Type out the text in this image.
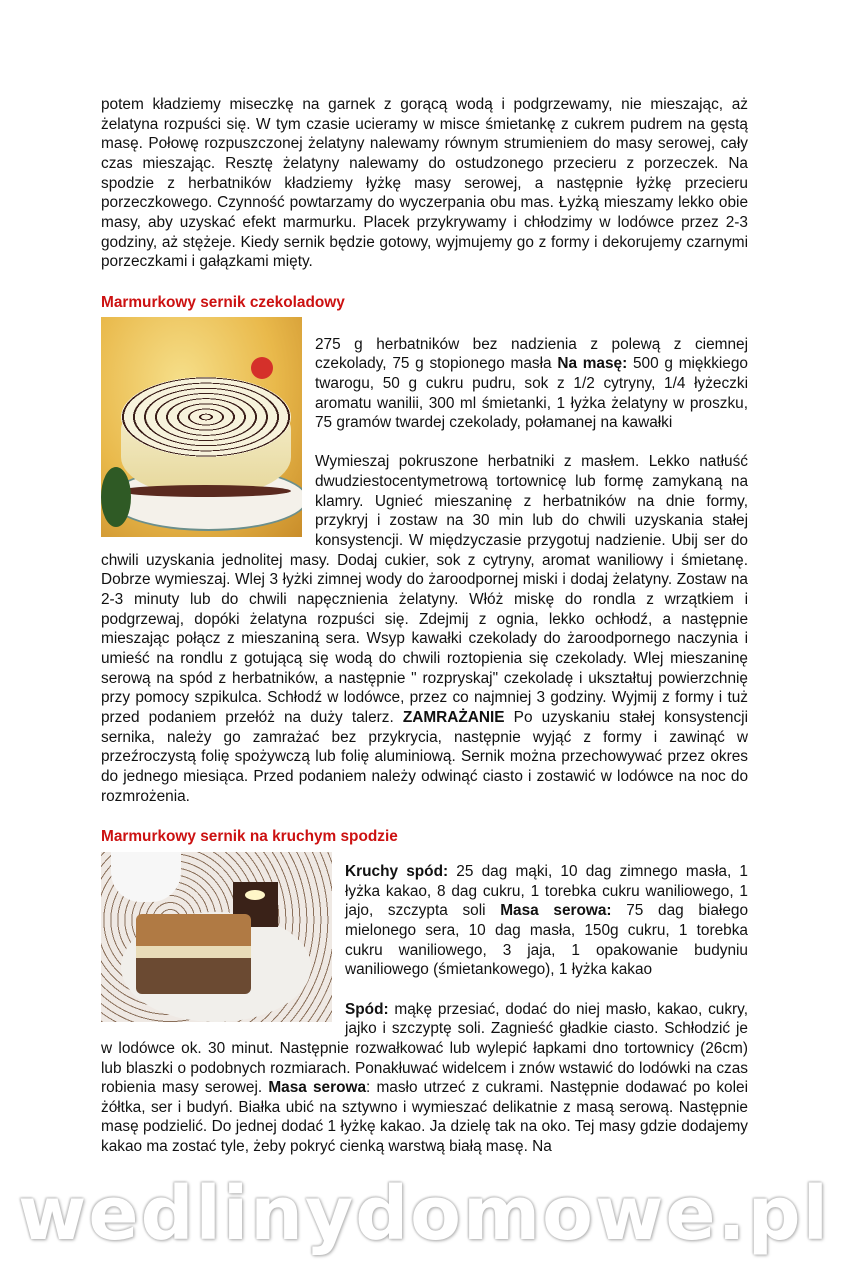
potem kładziemy miseczkę na garnek z gorącą wodą i podgrzewamy, nie mieszając, aż żelatyna rozpuści się. W tym czasie ucieramy w misce śmietankę z cukrem pudrem na gęstą masę. Połowę rozpuszczonej żelatyny nalewamy równym strumieniem do masy serowej, cały czas mieszając. Resztę żelatyny nalewamy do ostudzonego przecieru z porzeczek. Na spodzie z herbatników kładziemy łyżkę masy serowej, a następnie łyżkę przecieru porzeczkowego. Czynność powtarzamy do wyczerpania obu mas. Łyżką mieszamy lekko obie masy, aby uzyskać efekt marmurku. Placek przykrywamy i chłodzimy w lodówce przez 2-3 godziny, aż stężeje. Kiedy sernik będzie gotowy, wyjmujemy go z formy i dekorujemy czarnymi porzeczkami i gałązkami mięty.

Marmurkowy sernik czekoladowy

275 g herbatników bez nadzienia z polewą z ciemnej czekolady, 75 g stopionego masła Na masę: 500 g miękkiego twarogu, 50 g cukru pudru, sok z 1/2 cytryny, 1/4 łyżeczki aromatu wanilii, 300 ml śmietanki, 1 łyżka żelatyny w proszku, 75 gramów twardej czekolady, połamanej na kawałki

Wymieszaj pokruszone herbatniki z masłem. Lekko natłuść dwudziestocentymetrową tortownicę lub formę zamykaną na klamry. Ugnieć mieszaninę z herbatników na dnie formy, przykryj i zostaw na 30 min lub do chwili uzyskania stałej konsystencji. W międzyczasie przygotuj nadzienie. Ubij ser do chwili uzyskania jednolitej masy. Dodaj cukier, sok z cytryny, aromat waniliowy i śmietanę. Dobrze wymieszaj. Wlej 3 łyżki zimnej wody do żaroodpornej miski i dodaj żelatyny. Zostaw na 2-3 minuty lub do chwili napęcznienia żelatyny. Włóż miskę do rondla z wrzątkiem i podgrzewaj, dopóki żelatyna rozpuści się. Zdejmij z ognia, lekko ochłodź, a następnie mieszając połącz z mieszaniną sera. Wsyp kawałki czekolady do żaroodpornego naczynia i umieść na rondlu z gotującą się wodą do chwili roztopienia się czekolady. Wlej mieszaninę serową na spód z herbatników, a następnie " rozpryskaj" czekoladę i ukształtuj powierzchnię przy pomocy szpikulca. Schłodź w lodówce, przez co najmniej 3 godziny. Wyjmij z formy i tuż przed podaniem przełóż na duży talerz. ZAMRAŻANIE Po uzyskaniu stałej konsystencji sernika, należy go zamrażać bez przykrycia, następnie wyjąć z formy i zawinąć w przeźroczystą folię spożywczą lub folię aluminiową. Sernik można przechowywać przez okres do jednego miesiąca. Przed podaniem należy odwinąć ciasto i zostawić w lodówce na noc do rozmrożenia.

Marmurkowy sernik na kruchym spodzie

Kruchy spód: 25 dag mąki, 10 dag zimnego masła, 1 łyżka kakao, 8 dag cukru, 1 torebka cukru waniliowego, 1 jajo, szczypta soli Masa serowa: 75 dag białego mielonego sera, 10 dag masła, 150g cukru, 1 torebka cukru waniliowego, 3 jaja, 1 opakowanie budyniu waniliowego (śmietankowego), 1 łyżka kakao

Spód: mąkę przesiać, dodać do niej masło, kakao, cukry, jajko i szczyptę soli. Zagnieść gładkie ciasto. Schłodzić je w lodówce ok. 30 minut. Następnie rozwałkować lub wylepić łapkami dno tortownicy (26cm) lub blaszki o podobnych rozmiarach. Ponakłuwać widelcem i znów wstawić do lodówki na czas robienia masy serowej. Masa serowa: masło utrzeć z cukrami. Następnie dodawać po kolei żółtka, ser i budyń. Białka ubić na sztywno i wymieszać delikatnie z masą serową. Następnie masę podzielić. Do jednej dodać 1 łyżkę kakao. Ja dzielę tak na oko. Tej masy gdzie dodajemy kakao ma zostać tyle, żeby pokryć cienką warstwą białą masę. Na

wedlinydomowe.pl
